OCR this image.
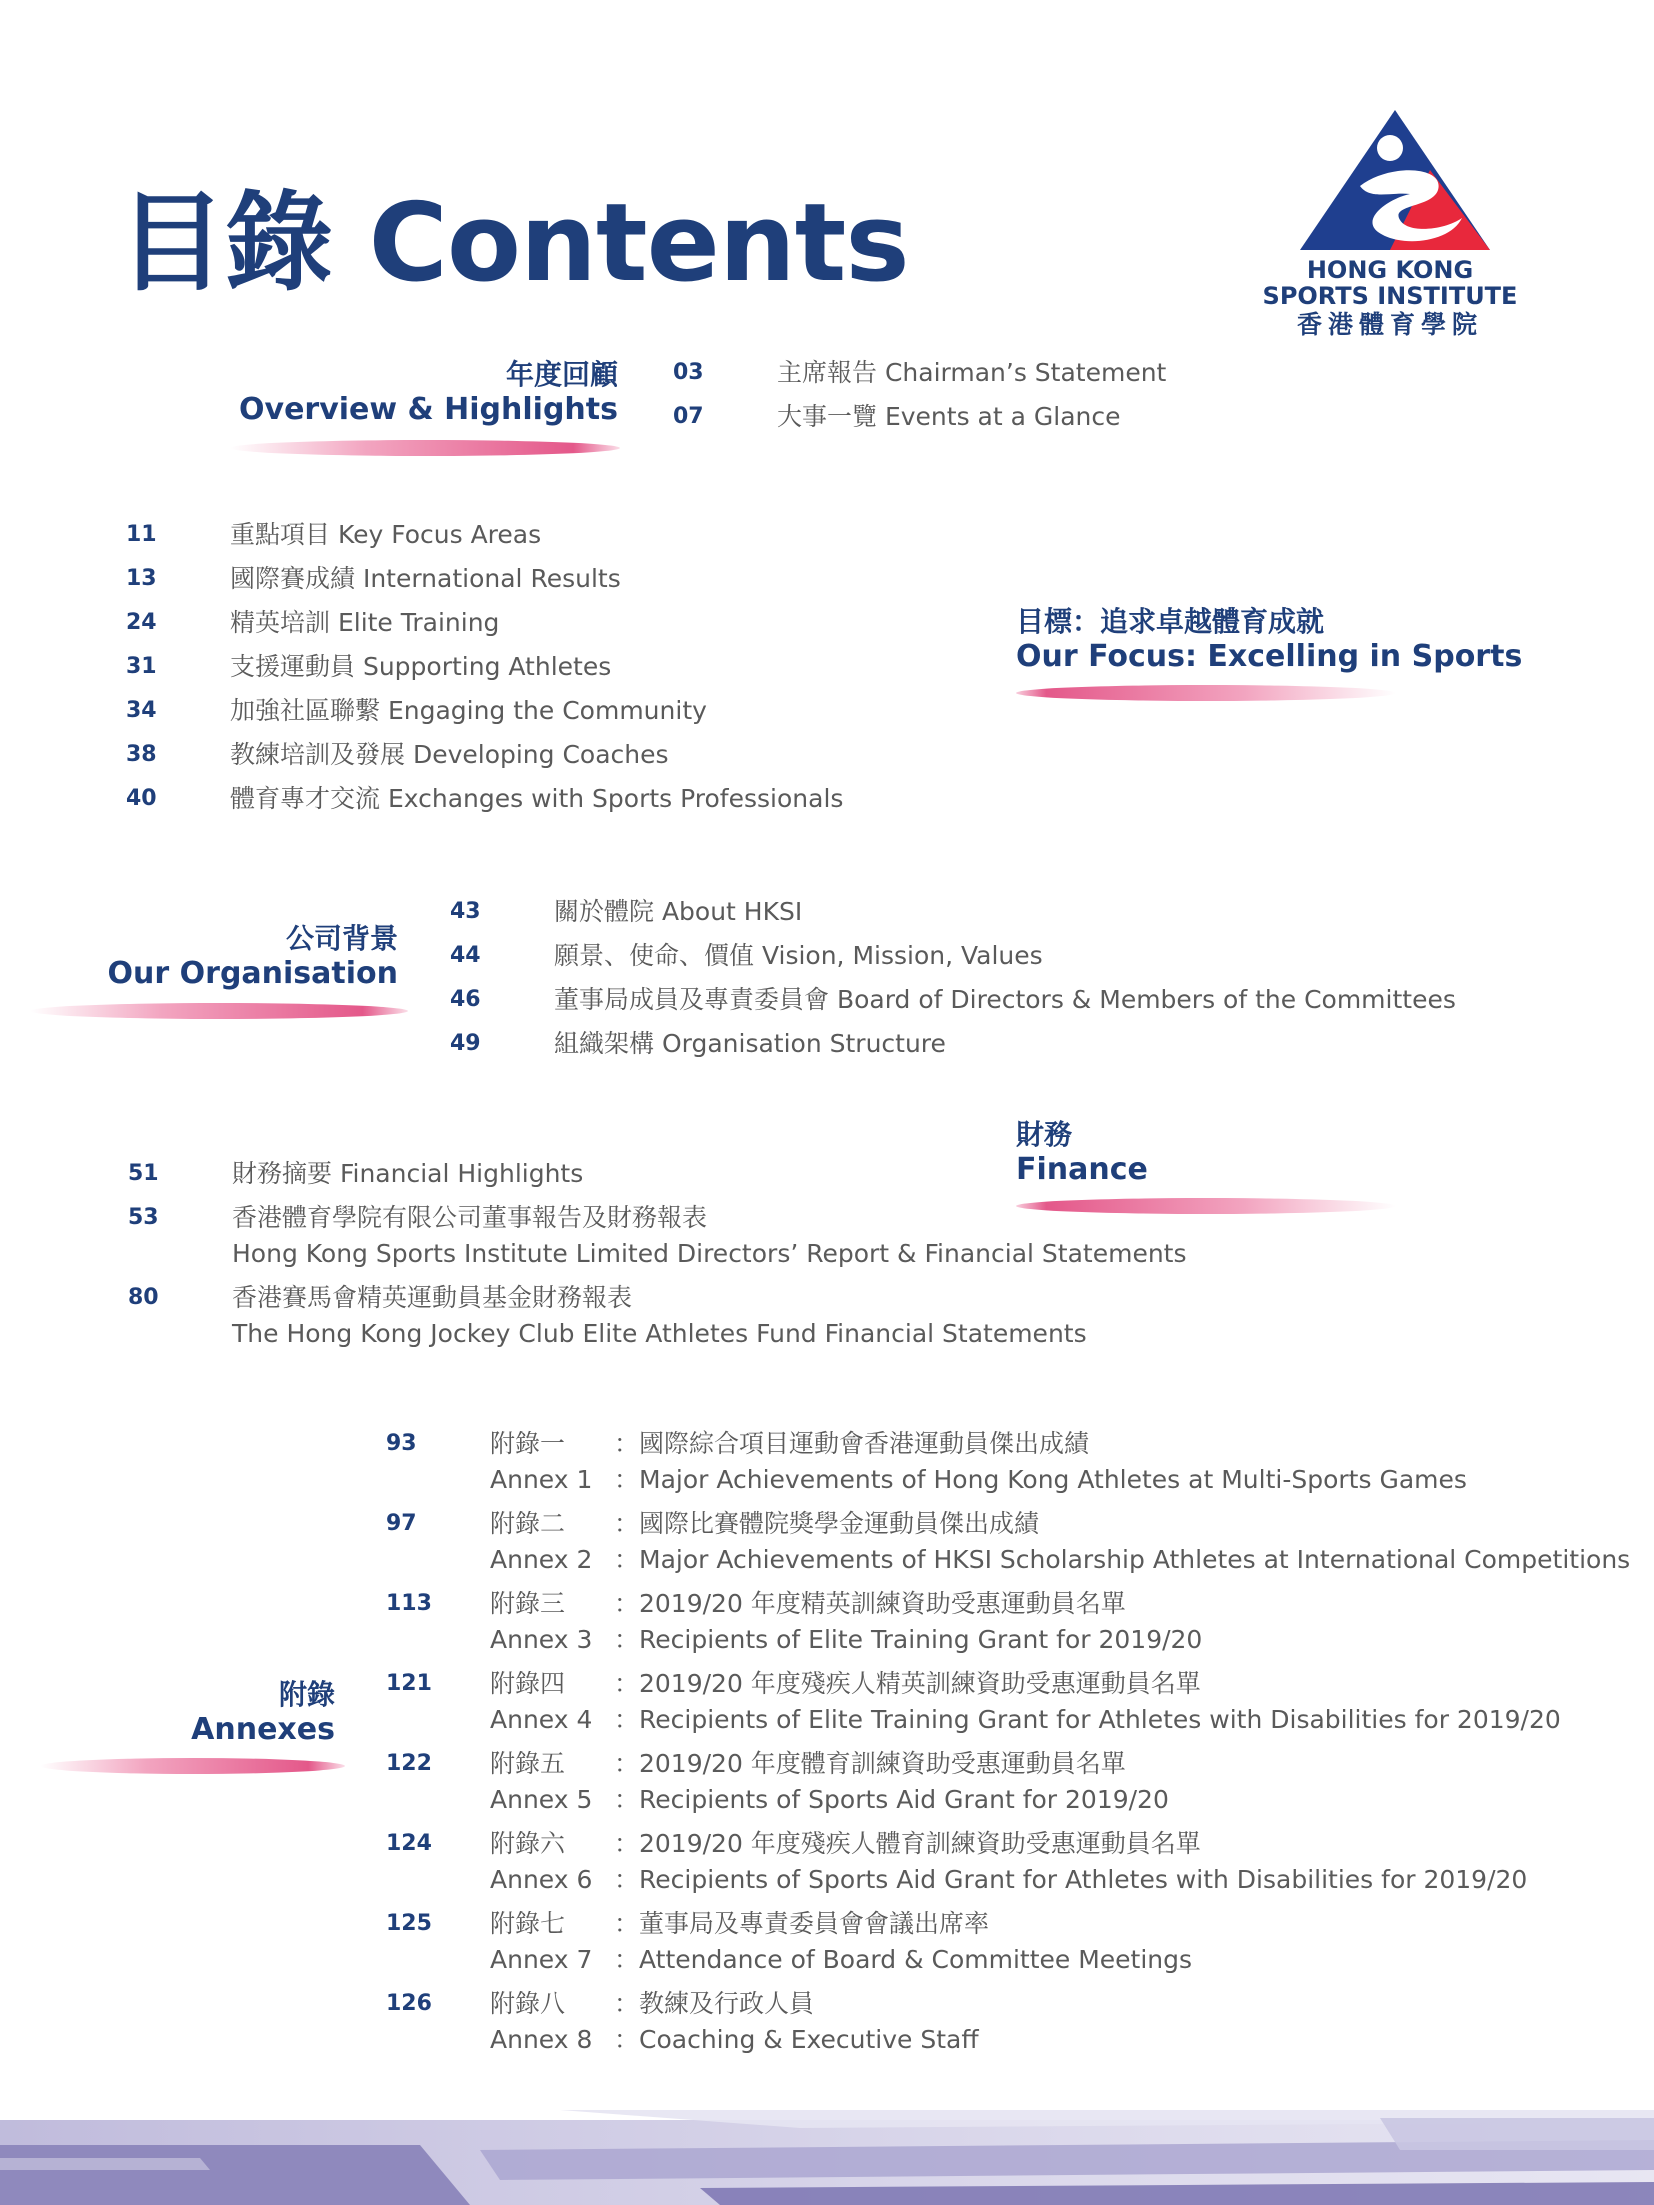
目錄 Contents	HONG KONG
SPORTS INSTITUTE
香港體育學院
年度回顧
Overview & Highlights
03	主席報告 Chairman’s Statement
07	大事一覽 Events at a Glance
目標：追求卓越體育成就
Our Focus: Excelling in Sports
11	重點項目 Key Focus Areas
13	國際賽成績 International Results
24	精英培訓 Elite Training
31	支援運動員 Supporting Athletes
34	加強社區聯繫 Engaging the Community
38	教練培訓及發展 Developing Coaches
40	體育專才交流 Exchanges with Sports Professionals
公司背景
Our Organisation
43	關於體院 About HKSI
44	願景、使命、價值 Vision, Mission, Values
46	董事局成員及專責委員會 Board of Directors & Members of the Committees
49	組織架構 Organisation Structure
財務
Finance
51	財務摘要 Financial Highlights
53	香港體育學院有限公司董事報告及財務報表
Hong Kong Sports Institute Limited Directors’ Report & Financial Statements
80	香港賽馬會精英運動員基金財務報表
The Hong Kong Jockey Club Elite Athletes Fund Financial Statements
附錄
Annexes
93	附錄一	：國際綜合項目運動會香港運動員傑出成績
Annex 1 ：Major Achievements of Hong Kong Athletes at Multi-Sports Games
97	附錄二	：國際比賽體院獎學金運動員傑出成績
Annex 2 ：Major Achievements of HKSI Scholarship Athletes at International Competitions
113	附錄三	：2019/20 年度精英訓練資助受惠運動員名單
Annex 3 ：Recipients of Elite Training Grant for 2019/20
121	附錄四	：2019/20 年度殘疾人精英訓練資助受惠運動員名單
Annex 4 ：Recipients of Elite Training Grant for Athletes with Disabilities for 2019/20
122	附錄五	：2019/20 年度體育訓練資助受惠運動員名單
Annex 5 ：Recipients of Sports Aid Grant for 2019/20
124	附錄六	：2019/20 年度殘疾人體育訓練資助受惠運動員名單
Annex 6 ：Recipients of Sports Aid Grant for Athletes with Disabilities for 2019/20
125	附錄七	：董事局及專責委員會會議出席率
Annex 7 ：Attendance of Board & Committee Meetings
126	附錄八	：教練及行政人員
Annex 8 ：Coaching & Executive Staff
